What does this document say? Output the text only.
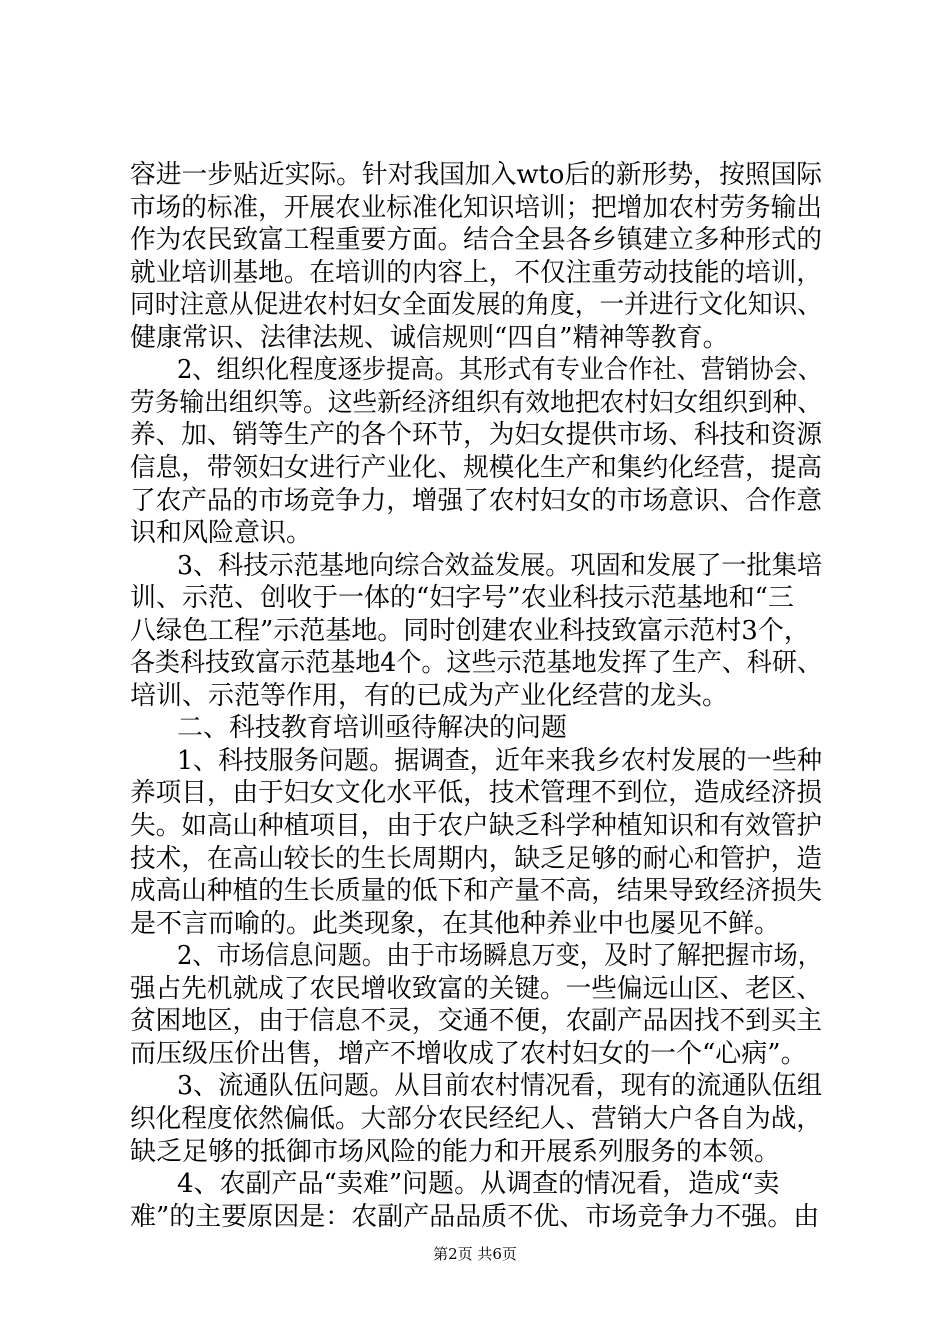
容进一步贴近实际。针对我国加入wto后的新形势，按照国际
市场的标准，开展农业标准化知识培训；把增加农村劳务输出
作为农民致富工程重要方面。结合全县各乡镇建立多种形式的
就业培训基地。在培训的内容上，不仅注重劳动技能的培训，
同时注意从促进农村妇女全面发展的角度，一并进行文化知识、
健康常识、法律法规、诚信规则“四自”精神等教育。
2、组织化程度逐步提高。其形式有专业合作社、营销协会、
劳务输出组织等。这些新经济组织有效地把农村妇女组织到种、
养、加、销等生产的各个环节，为妇女提供市场、科技和资源
信息，带领妇女进行产业化、规模化生产和集约化经营，提高
了农产品的市场竞争力，增强了农村妇女的市场意识、合作意
识和风险意识。
3、科技示范基地向综合效益发展。巩固和发展了一批集培
训、示范、创收于一体的“妇字号”农业科技示范基地和“三
八绿色工程”示范基地。同时创建农业科技致富示范村3个，
各类科技致富示范基地4个。这些示范基地发挥了生产、科研、
培训、示范等作用，有的已成为产业化经营的龙头。
二、科技教育培训亟待解决的问题
1、科技服务问题。据调查，近年来我乡农村发展的一些种
养项目，由于妇女文化水平低，技术管理不到位，造成经济损
失。如高山种植项目，由于农户缺乏科学种植知识和有效管护
技术，在高山较长的生长周期内，缺乏足够的耐心和管护，造
成高山种植的生长质量的低下和产量不高，结果导致经济损失
是不言而喻的。此类现象，在其他种养业中也屡见不鲜。
2、市场信息问题。由于市场瞬息万变，及时了解把握市场，
强占先机就成了农民增收致富的关键。一些偏远山区、老区、
贫困地区，由于信息不灵，交通不便，农副产品因找不到买主
而压级压价出售，增产不增收成了农村妇女的一个“心病”。
3、流通队伍问题。从目前农村情况看，现有的流通队伍组
织化程度依然偏低。大部分农民经纪人、营销大户各自为战，
缺乏足够的抵御市场风险的能力和开展系列服务的本领。
4、农副产品“卖难”问题。从调查的情况看，造成“卖
难”的主要原因是：农副产品品质不优、市场竞争力不强。由
第2页 共6页
